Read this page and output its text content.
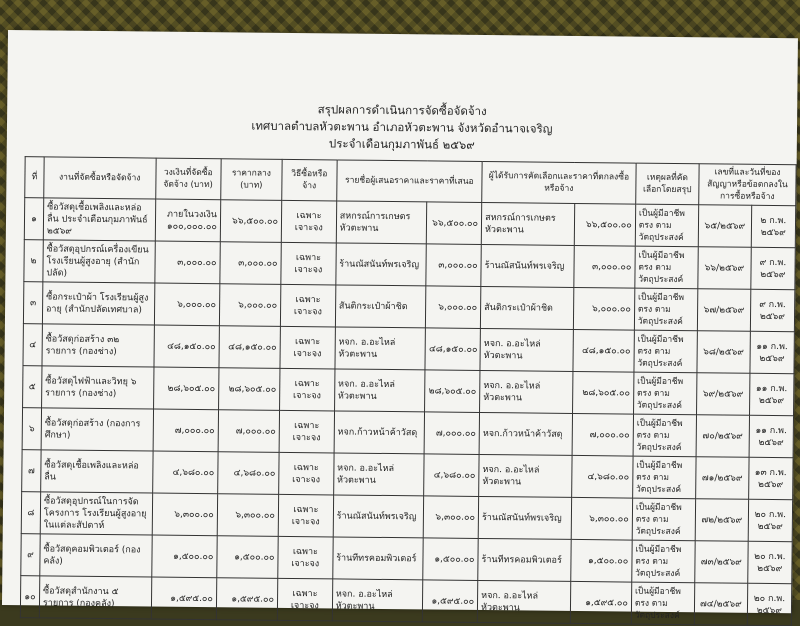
สรุปผลการดำเนินการจัดซื้อจัดจ้าง
เทศบาลตำบลหัวตะพาน อำเภอหัวตะพาน จังหวัดอำนาจเจริญ
ประจำเดือนกุมภาพันธ์ ๒๕๖๙
ที่	งานที่จัดซื้อหรือจัดจ้าง	วงเงินที่จัดซื้อจัดจ้าง (บาท)	ราคากลาง (บาท)	วิธีซื้อหรือจ้าง	รายชื่อผู้เสนอราคาและราคาที่เสนอ		ผู้ได้รับการคัดเลือกและราคาที่ตกลงซื้อหรือจ้าง		เหตุผลที่คัดเลือกโดยสรุป	เลขที่และวันที่ของสัญญาหรือข้อตกลงในการซื้อหรือจ้าง	
๑	ซื้อวัสดุเชื้อเพลิงและหล่อลื่น ประจำเดือนกุมภาพันธ์ ๒๕๖๙	ภายในวงเงิน ๑๐๐,๐๐๐.๐๐	๖๖,๕๐๐.๐๐	เฉพาะเจาะจง	สหกรณ์การเกษตรหัวตะพาน	๖๖,๕๐๐.๐๐	สหกรณ์การเกษตรหัวตะพาน	๖๖,๕๐๐.๐๐	เป็นผู้มีอาชีพตรง ตามวัตถุประสงค์	๖๕/๒๕๖๙	๒ ก.พ. ๒๕๖๙
๒	ซื้อวัสดุอุปกรณ์เครื่องเขียน โรงเรียนผู้สูงอายุ (สำนักปลัด)	๓,๐๐๐.๐๐	๓,๐๐๐.๐๐	เฉพาะเจาะจง	ร้านณัสนันท์พรเจริญ	๓,๐๐๐.๐๐	ร้านณัสนันท์พรเจริญ	๓,๐๐๐.๐๐	เป็นผู้มีอาชีพตรง ตามวัตถุประสงค์	๖๖/๒๕๖๙	๙ ก.พ. ๒๕๖๙
๓	ซื้อกระเป๋าผ้า โรงเรียนผู้สูงอายุ (สำนักปลัดเทศบาล)	๖,๐๐๐.๐๐	๖,๐๐๐.๐๐	เฉพาะเจาะจง	สันติกระเป๋าผ้าชิด	๖,๐๐๐.๐๐	สันติกระเป๋าผ้าชิด	๖,๐๐๐.๐๐	เป็นผู้มีอาชีพตรง ตามวัตถุประสงค์	๖๗/๒๕๖๙	๙ ก.พ. ๒๕๖๙
๔	ซื้อวัสดุก่อสร้าง ๓๒ รายการ (กองช่าง)	๔๘,๑๕๐.๐๐	๔๘,๑๕๐.๐๐	เฉพาะเจาะจง	หจก. อ.อะไหล่ หัวตะพาน	๔๘,๑๕๐.๐๐	หจก. อ.อะไหล่ หัวตะพาน	๔๘,๑๕๐.๐๐	เป็นผู้มีอาชีพตรง ตามวัตถุประสงค์	๖๘/๒๕๖๙	๑๑ ก.พ. ๒๕๖๙
๕	ซื้อวัสดุไฟฟ้าและวิทยุ ๖ รายการ (กองช่าง)	๒๘,๖๐๕.๐๐	๒๘,๖๐๕.๐๐	เฉพาะเจาะจง	หจก. อ.อะไหล่ หัวตะพาน	๒๘,๖๐๕.๐๐	หจก. อ.อะไหล่ หัวตะพาน	๒๘,๖๐๕.๐๐	เป็นผู้มีอาชีพตรง ตามวัตถุประสงค์	๖๙/๒๕๖๙	๑๑ ก.พ. ๒๕๖๙
๖	ซื้อวัสดุก่อสร้าง (กองการศึกษา)	๗,๐๐๐.๐๐	๗,๐๐๐.๐๐	เฉพาะเจาะจง	หจก.ก้าวหน้าค้าวัสดุ	๗,๐๐๐.๐๐	หจก.ก้าวหน้าค้าวัสดุ	๗,๐๐๐.๐๐	เป็นผู้มีอาชีพตรง ตามวัตถุประสงค์	๗๐/๒๕๖๙	๑๑ ก.พ. ๒๕๖๙
๗	ซื้อวัสดุเชื้อเพลิงและหล่อลื่น	๔,๖๘๐.๐๐	๔,๖๘๐.๐๐	เฉพาะเจาะจง	หจก. อ.อะไหล่ หัวตะพาน	๔,๖๘๐.๐๐	หจก. อ.อะไหล่ หัวตะพาน	๔,๖๘๐.๐๐	เป็นผู้มีอาชีพตรง ตามวัตถุประสงค์	๗๑/๒๕๖๙	๑๓ ก.พ. ๒๕๖๙
๘	ซื้อวัสดุอุปกรณ์ในการจัดโครงการ โรงเรียนผู้สูงอายุในแต่ละสัปดาห์	๖,๓๐๐.๐๐	๖,๓๐๐.๐๐	เฉพาะเจาะจง	ร้านณัสนันท์พรเจริญ	๖,๓๐๐.๐๐	ร้านณัสนันท์พรเจริญ	๖,๓๐๐.๐๐	เป็นผู้มีอาชีพตรง ตามวัตถุประสงค์	๗๒/๒๕๖๙	๒๐ ก.พ. ๒๕๖๙
๙	ซื้อวัสดุคอมพิวเตอร์ (กองคลัง)	๑,๕๐๐.๐๐	๑,๕๐๐.๐๐	เฉพาะเจาะจง	ร้านทีทรคอมพิวเตอร์	๑,๕๐๐.๐๐	ร้านทีทรคอมพิวเตอร์	๑,๕๐๐.๐๐	เป็นผู้มีอาชีพตรง ตามวัตถุประสงค์	๗๓/๒๕๖๙	๒๐ ก.พ. ๒๕๖๙
๑๐	ซื้อวัสดุสำนักงาน ๕ รายการ (กองคลัง)	๑,๕๙๕.๐๐	๑,๕๙๕.๐๐	เฉพาะเจาะจง	หจก. อ.อะไหล่ หัวตะพาน	๑,๕๙๕.๐๐	หจก. อ.อะไหล่ หัวตะพาน	๑,๕๙๕.๐๐	เป็นผู้มีอาชีพตรง ตามวัตถุประสงค์	๗๔/๒๕๖๙	๒๐ ก.พ. ๒๕๖๙
